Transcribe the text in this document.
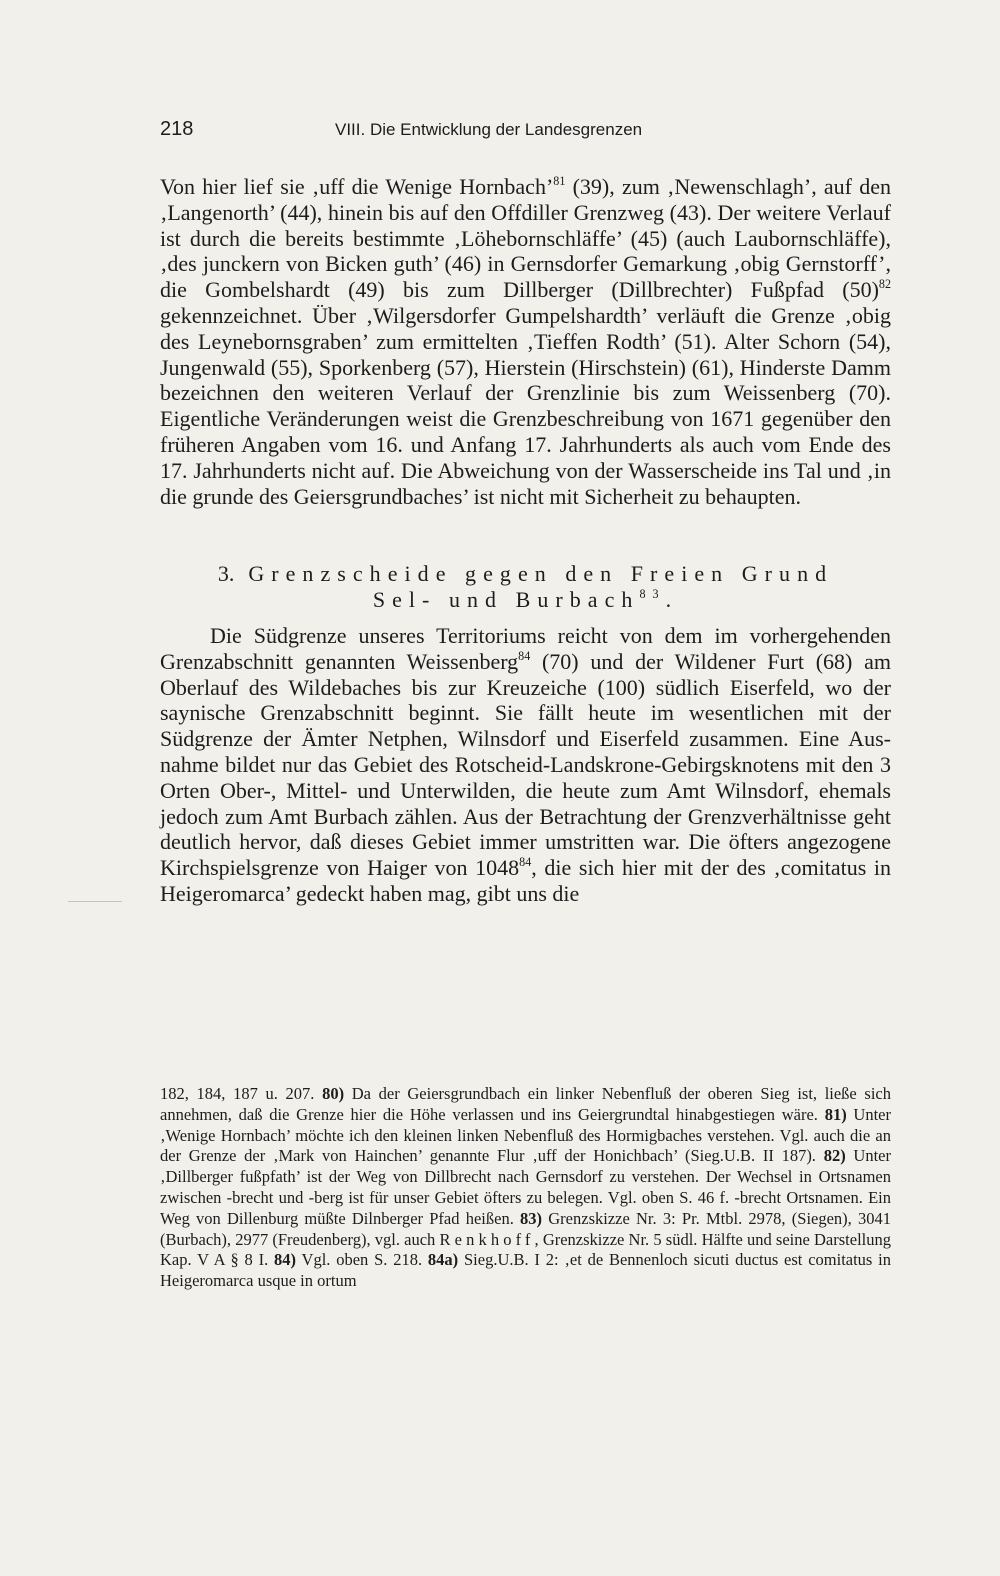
218	VIII. Die Entwicklung der Landesgrenzen

Von hier lief sie ‚uff die Wenige Hornbach’$^{81}$ (39), zum ‚Newenschlagh’, auf den ‚Langenorth’ (44), hinein bis auf den Offdiller Grenzweg (43). Der weitere Verlauf ist durch die bereits bestimmte ‚Löhebornschläffe’ (45) (auch Laubornschläffe), ‚des junckern von Bicken guth’ (46) in Gernsdorfer Gemarkung ‚obig Gernstorff’, die Gombelshardt (49) bis zum Dillberger (Dillbrechter) Fußpfad $(50)^{82}$ gekennzeichnet. Über ‚Wilgersdorfer Gumpelshardth’ verläuft die Grenze ‚obig des Leynebornsgraben’ zum ermittelten ‚Tieffen Rodth’ (51). Alter Schorn (54), Jungenwald (55), Sporkenberg (57), Hierstein (Hirschstein) (61), Hinderste Damm bezeichnen den weiteren Verlauf der Grenzlinie bis zum Weissenberg (70). Eigentliche Veränderungen weist die Grenzbeschreibung von 1671 gegenüber den früheren Angaben vom 16. und Anfang 17. Jahrhunderts als auch vom Ende des 17. Jahrhunderts nicht auf. Die Abweichung von der Wasserscheide ins Tal und ‚in die grunde des Geiersgrundbaches’ ist nicht mit Sicherheit zu behaupten.

3. Grenzscheide gegen den Freien Grund
Sel- und Burbach$^{83}$.

Die Südgrenze unseres Territoriums reicht von dem im vorhergehenden Grenzabschnitt genannten Weissenberg$^{84}$ (70) und der Wildener Furt (68) am Oberlauf des Wildebaches bis zur Kreuzeiche (100) südlich Eiserfeld, wo der saynische Grenzabschnitt beginnt. Sie fällt heute im wesentlichen mit der Südgrenze der Ämter Netphen, Wilnsdorf und Eiserfeld zusammen. Eine Ausnahme bildet nur das Gebiet des Rotscheid-Landskrone-Gebirgsknotens mit den 3 Orten Ober-, Mittel- und Unterwilden, die heute zum Amt Wilnsdorf, ehemals jedoch zum Amt Burbach zählen. Aus der Betrachtung der Grenzverhältnisse geht deutlich hervor, daß dieses Gebiet immer umstritten war. Die öfters angezogene Kirchspielsgrenze von Haiger von 1048$^{84}$, die sich hier mit der des ‚comitatus in Heigeromarca’ gedeckt haben mag, gibt uns die

182, 184, 187 u. 207. 80) Da der Geiersgrundbach ein linker Nebenfluß der oberen Sieg ist, ließe sich annehmen, daß die Grenze hier die Höhe verlassen und ins Geiergrundtal hinabgestiegen wäre. 81) Unter ‚Wenige Hornbach’ möchte ich den kleinen linken Nebenfluß des Hormigbaches verstehen. Vgl. auch die an der Grenze der ‚Mark von Hainchen’ genannte Flur ‚uff der Honichbach’ (Sieg.U.B. II 187). 82) Unter ‚Dillberger fußpfath’ ist der Weg von Dillbrecht nach Gernsdorf zu verstehen. Der Wechsel in Ortsnamen zwischen -brecht und -berg ist für unser Gebiet öfters zu belegen. Vgl. oben S. 46 f. -brecht Ortsnamen. Ein Weg von Dillenburg müßte Dilnberger Pfad heißen. 83) Grenzskizze Nr. 3: Pr. Mtbl. 2978, (Siegen), 3041 (Burbach), 2977 (Freudenberg), vgl. auch Renkhoff, Grenzskizze Nr. 5 südl. Hälfte und seine Darstellung Kap. V A § 8 I. 84) Vgl. oben S. 218. 84a) Sieg.U.B. I 2: ‚et de Bennenloch sicuti ductus est comitatus in Heigeromarca usque in ortum
